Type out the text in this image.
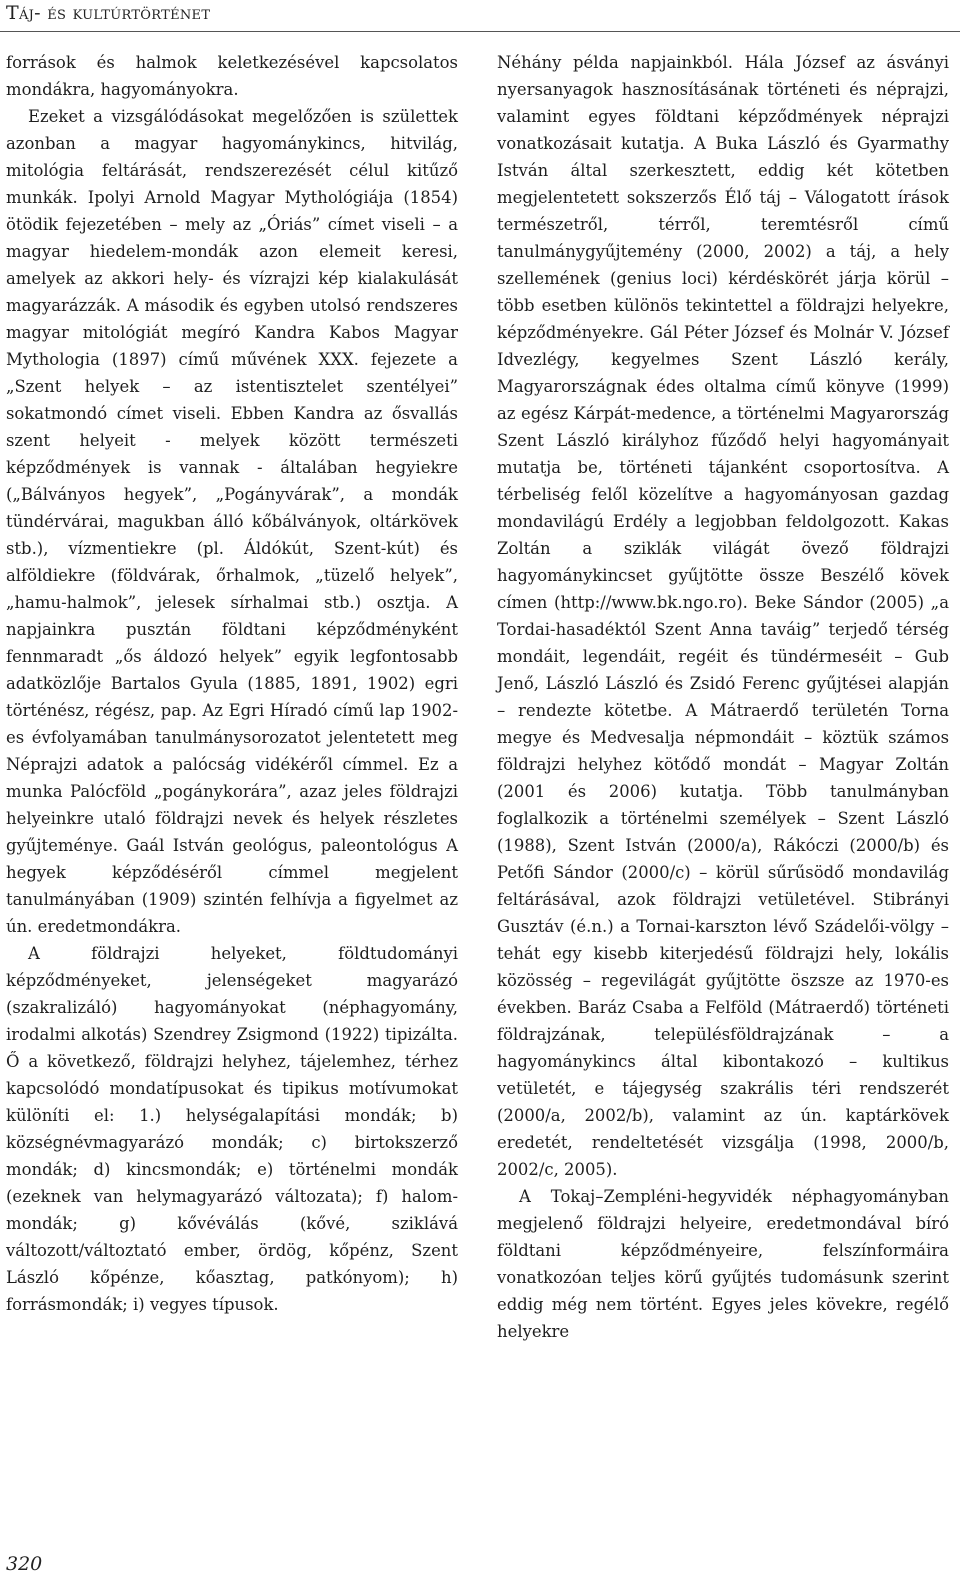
Táj- és kultúrtörténet

források és halmok keletkezésével kapcsolatos mondákra, hagyományokra.

Ezeket a vizsgálódásokat megelőzően is születtek azonban a magyar hagyománykincs, hitvilág, mitológia feltárását, rendszerezését célul kitűző munkák. Ipolyi Arnold Magyar Mythológiája (1854) ötödik fejezetében – mely az „Óriás” címet viseli – a magyar hiedelem-mondák azon elemeit keresi, amelyek az akkori hely- és vízrajzi kép kialakulását magyarázzák. A második és egyben utolsó rendszeres magyar mitológiát megíró Kandra Kabos Magyar Mythologia (1897) című művének XXX. fejezete a „Szent helyek – az istentisztelet szentélyei” sokatmondó címet viseli. Ebben Kandra az ősvallás szent helyeit - melyek között természeti képződmények is vannak - általában hegyiekre („Bálványos hegyek”, „Pogányvárak”, a mondák tündérvárai, magukban álló kőbálványok, oltárkövek stb.), vízmentiekre (pl. Áldókút, Szent-kút) és alföldiekre (földvárak, őrhalmok, „tüzelő helyek”, „hamu-halmok”, jelesek sírhalmai stb.) osztja. A napjainkra pusztán földtani képződményként fennmaradt „ős áldozó helyek” egyik legfontosabb adatközlője Bartalos Gyula (1885, 1891, 1902) egri történész, régész, pap. Az Egri Híradó című lap 1902-es évfolyamában tanulmánysorozatot jelentetett meg Néprajzi adatok a palócság vidékéről címmel. Ez a munka Palócföld „pogánykorára”, azaz jeles földrajzi helyeinkre utaló földrajzi nevek és helyek részletes gyűjteménye. Gaál István geológus, paleontológus A hegyek képződéséről címmel megjelent tanulmányában (1909) szintén felhívja a figyelmet az ún. eredetmondákra.

A földrajzi helyeket, földtudományi képződményeket, jelenségeket magyarázó (szakralizáló) hagyományokat (néphagyomány, irodalmi alkotás) Szendrey Zsigmond (1922) tipizálta. Ő a következő, földrajzi helyhez, tájelemhez, térhez kapcsolódó mondatípusokat és tipikus motívumokat különíti el: 1.) helységalapítási mondák; b) községnévmagyarázó mondák; c) birtokszerző mondák; d) kincsmondák; e) történelmi mondák (ezeknek van helymagyarázó változata); f) halom-mondák; g) kővéválás (kővé, sziklává változott/változtató ember, ördög, kőpénz, Szent László kőpénze, kőasztag, patkónyom); h) forrásmondák; i) vegyes típusok.

Néhány példa napjainkból. Hála József az ásványi nyersanyagok hasznosításának történeti és néprajzi, valamint egyes földtani képződmények néprajzi vonatkozásait kutatja. A Buka László és Gyarmathy István által szerkesztett, eddig két kötetben megjelentetett sokszerzős Élő táj – Válogatott írások természetről, térről, teremtésről című tanulmánygyűjtemény (2000, 2002) a táj, a hely szellemének (genius loci) kérdéskörét járja körül – több esetben különös tekintettel a földrajzi helyekre, képződményekre. Gál Péter József és Molnár V. József Idvezlégy, kegyelmes Szent László kerály, Magyarországnak édes oltalma című könyve (1999) az egész Kárpát-medence, a történelmi Magyarország Szent László királyhoz fűződő helyi hagyományait mutatja be, történeti tájanként csoportosítva. A térbeliség felől közelítve a hagyományosan gazdag mondavilágú Erdély a legjobban feldolgozott. Kakas Zoltán a sziklák világát övező földrajzi hagyománykincset gyűjtötte össze Beszélő kövek címen (http://www.bk.ngo.ro). Beke Sándor (2005) „a Tordai-hasadéktól Szent Anna taváig” terjedő térség mondáit, legendáit, regéit és tündérmeséit – Gub Jenő, László László és Zsidó Ferenc gyűjtései alapján – rendezte kötetbe. A Mátraerdő területén Torna megye és Medvesalja népmondáit – köztük számos földrajzi helyhez kötődő mondát – Magyar Zoltán (2001 és 2006) kutatja. Több tanulmányban foglalkozik a történelmi személyek – Szent László (1988), Szent István (2000/a), Rákóczi (2000/b) és Petőfi Sándor (2000/c) – körül sűrűsödő mondavilág feltárásával, azok földrajzi vetületével. Stibrányi Gusztáv (é.n.) a Tornai-karszton lévő Szádelői-völgy – tehát egy kisebb kiterjedésű földrajzi hely, lokális közösség – regevilágát gyűjtötte öszsze az 1970-es években. Baráz Csaba a Felföld (Mátraerdő) történeti földrajzának, településföldrajzának – a hagyománykincs által kibontakozó – kultikus vetületét, e tájegység szakrális téri rendszerét (2000/a, 2002/b), valamint az ún. kaptárkövek eredetét, rendeltetését vizsgálja (1998, 2000/b, 2002/c, 2005).

A Tokaj–Zempléni-hegyvidék néphagyományban megjelenő földrajzi helyeire, eredetmondával bíró földtani képződményeire, felszínformáira vonatkozóan teljes körű gyűjtés tudomásunk szerint eddig még nem történt. Egyes jeles kövekre, regélő helyekre

320
